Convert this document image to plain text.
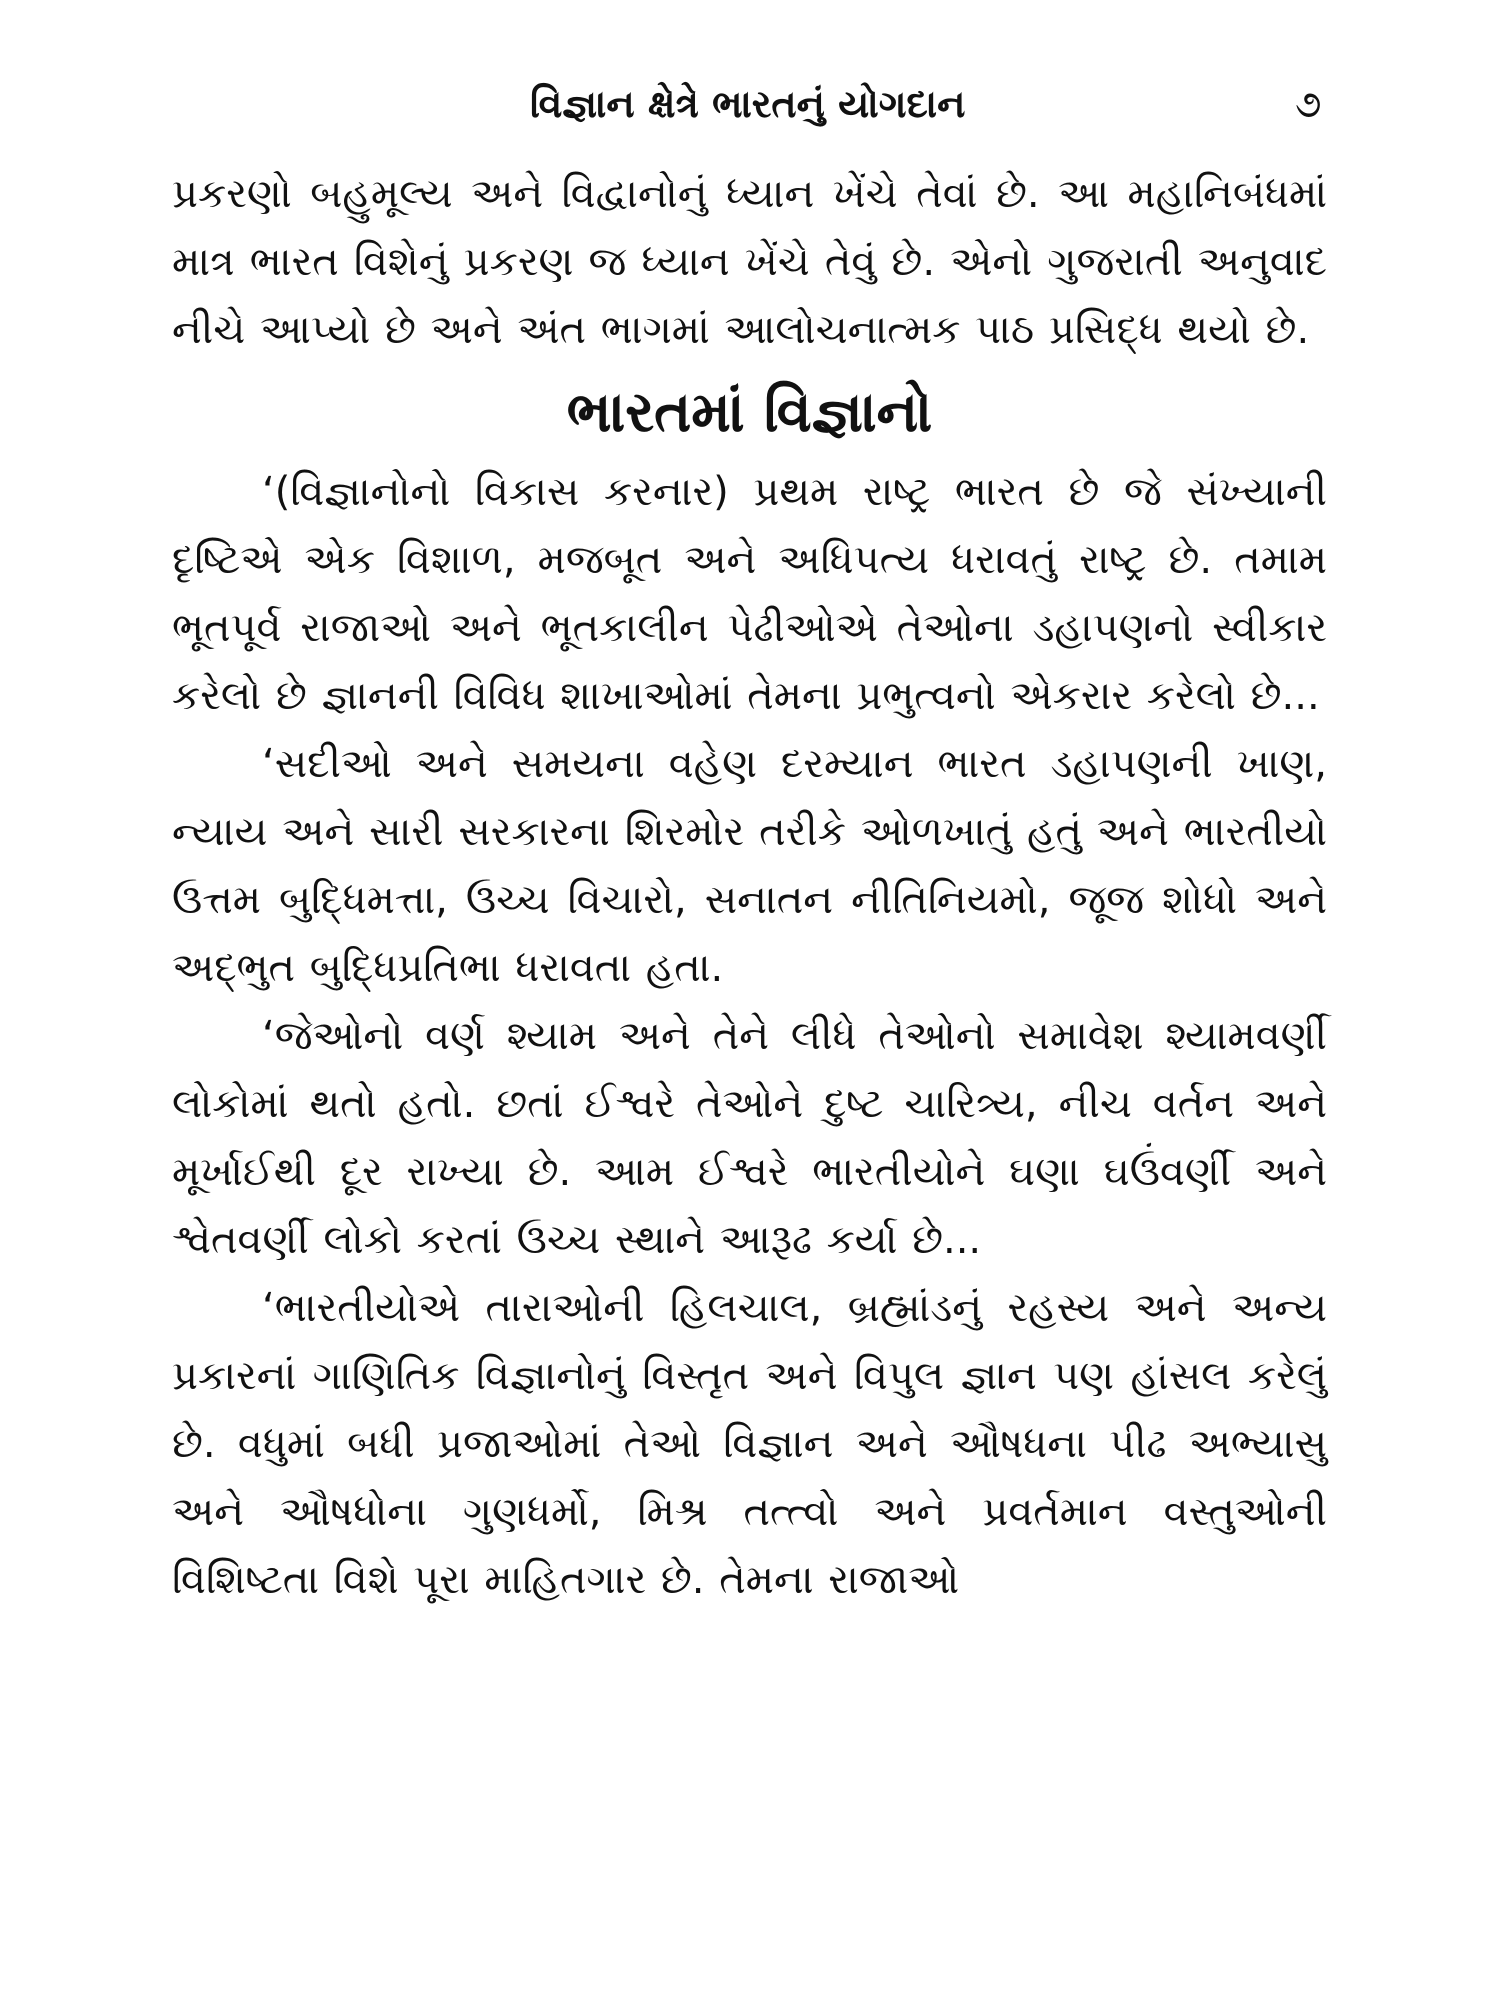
વિજ્ઞાન ક્ષેત્રે ભારતનું યોગદાન	૭

પ્રકરણો બહુમૂલ્ય અને વિદ્વાનોનું ધ્યાન ખેંચે તેવાં છે. આ મહાનિબંધમાં માત્ર ભારત વિશેનું પ્રકરણ જ ધ્યાન ખેંચે તેવું છે. એનો ગુજરાતી અનુવાદ નીચે આપ્યો છે અને અંત ભાગમાં આલોચનાત્મક પાઠ પ્રસિદ્ધ થયો છે.

ભારતમાં વિજ્ઞાનો

‘(વિજ્ઞાનોનો વિકાસ કરનાર) પ્રથમ રાષ્ટ્ર ભારત છે જે સંખ્યાની દૃષ્ટિએ એક વિશાળ, મજબૂત અને અધિપત્ય ધરાવતું રાષ્ટ્ર છે. તમામ ભૂતપૂર્વ રાજાઓ અને ભૂતકાલીન પેઢીઓએ તેઓના ડહાપણનો સ્વીકાર કરેલો છે જ્ઞાનની વિવિધ શાખાઓમાં તેમના પ્રભુત્વનો એકરાર કરેલો છે...

‘સદીઓ અને સમયના વહેણ દરમ્યાન ભારત ડહાપણની ખાણ, ન્યાય અને સારી સરકારના શિરમોર તરીકે ઓળખાતું હતું અને ભારતીયો ઉત્તમ બુદ્ધિમત્તા, ઉચ્ચ વિચારો, સનાતન નીતિનિયમો, જૂજ શોધો અને અદ્‌ભુત બુદ્ધિપ્રતિભા ધરાવતા હતા.

‘જેઓનો વર્ણ શ્યામ અને તેને લીધે તેઓનો સમાવેશ શ્યામવર્ણી લોકોમાં થતો હતો. છતાં ઈશ્વરે તેઓને દુષ્ટ ચારિત્ર્ય, નીચ વર્તન અને મૂર્ખાઈથી દૂર રાખ્યા છે. આમ ઈશ્વરે ભારતીયોને ઘણા ઘઉંવર્ણી અને શ્વેતવર્ણી લોકો કરતાં ઉચ્ચ સ્થાને આરૂઢ કર્યા છે...

‘ભારતીયોએ તારાઓની હિલચાલ, બ્રહ્માંડનું રહસ્ય અને અન્ય પ્રકારનાં ગાણિતિક વિજ્ઞાનોનું વિસ્તૃત અને વિપુલ જ્ઞાન પણ હાંસલ કરેલું છે. વધુમાં બધી પ્રજાઓમાં તેઓ વિજ્ઞાન અને ઔષધના પીઢ અભ્યાસુ અને ઔષધોના ગુણધર્મો, મિશ્ર તત્ત્વો અને પ્રવર્તમાન વસ્તુઓની વિશિષ્ટતા વિશે પૂરા માહિતગાર છે. તેમના રાજાઓ
